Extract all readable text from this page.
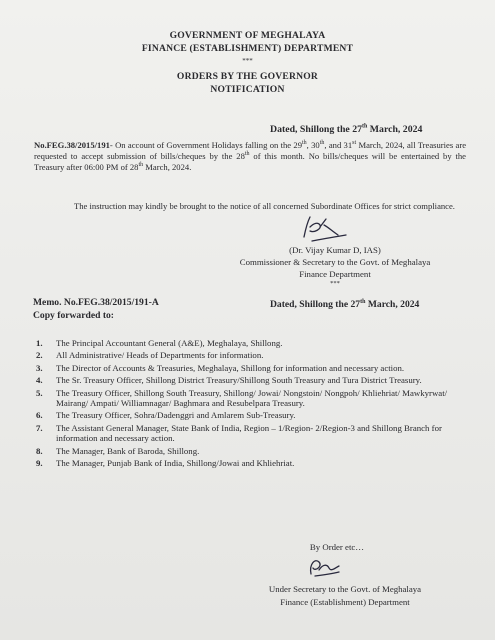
GOVERNMENT OF MEGHALAYA
FINANCE (ESTABLISHMENT) DEPARTMENT
***
ORDERS BY THE GOVERNOR
NOTIFICATION
Dated, Shillong the 27th March, 2024
No.FEG.38/2015/191- On account of Government Holidays falling on the 29th, 30th, and 31st March, 2024, all Treasuries are requested to accept submission of bills/cheques by the 28th of this month. No bills/cheques will be entertained by the Treasury after 06:00 PM of 28th March, 2024.
The instruction may kindly be brought to the notice of all concerned Subordinate Offices for strict compliance.
(Dr. Vijay Kumar D, IAS)
Commissioner & Secretary to the Govt. of Meghalaya
Finance Department
***
Memo. No.FEG.38/2015/191-A	Dated, Shillong the 27th March, 2024
Copy forwarded to:
1. The Principal Accountant General (A&E), Meghalaya, Shillong.
2. All Administrative/ Heads of Departments for information.
3. The Director of Accounts & Treasuries, Meghalaya, Shillong for information and necessary action.
4. The Sr. Treasury Officer, Shillong District Treasury/Shillong South Treasury and Tura District Treasury.
5. The Treasury Officer, Shillong South Treasury, Shillong/ Jowai/ Nongstoin/ Nongpoh/ Khliehriat/ Mawkyrwat/ Mairang/ Ampati/ Williamnagar/ Baghmara and Resubelpara Treasury.
6. The Treasury Officer, Sohra/Dadenggri and Amlarem Sub-Treasury.
7. The Assistant General Manager, State Bank of India, Region – 1/Region- 2/Region-3 and Shillong Branch for information and necessary action.
8. The Manager, Bank of Baroda, Shillong.
9. The Manager, Punjab Bank of India, Shillong/Jowai and Khliehriat.
By Order etc…
Under Secretary to the Govt. of Meghalaya
Finance (Establishment) Department
